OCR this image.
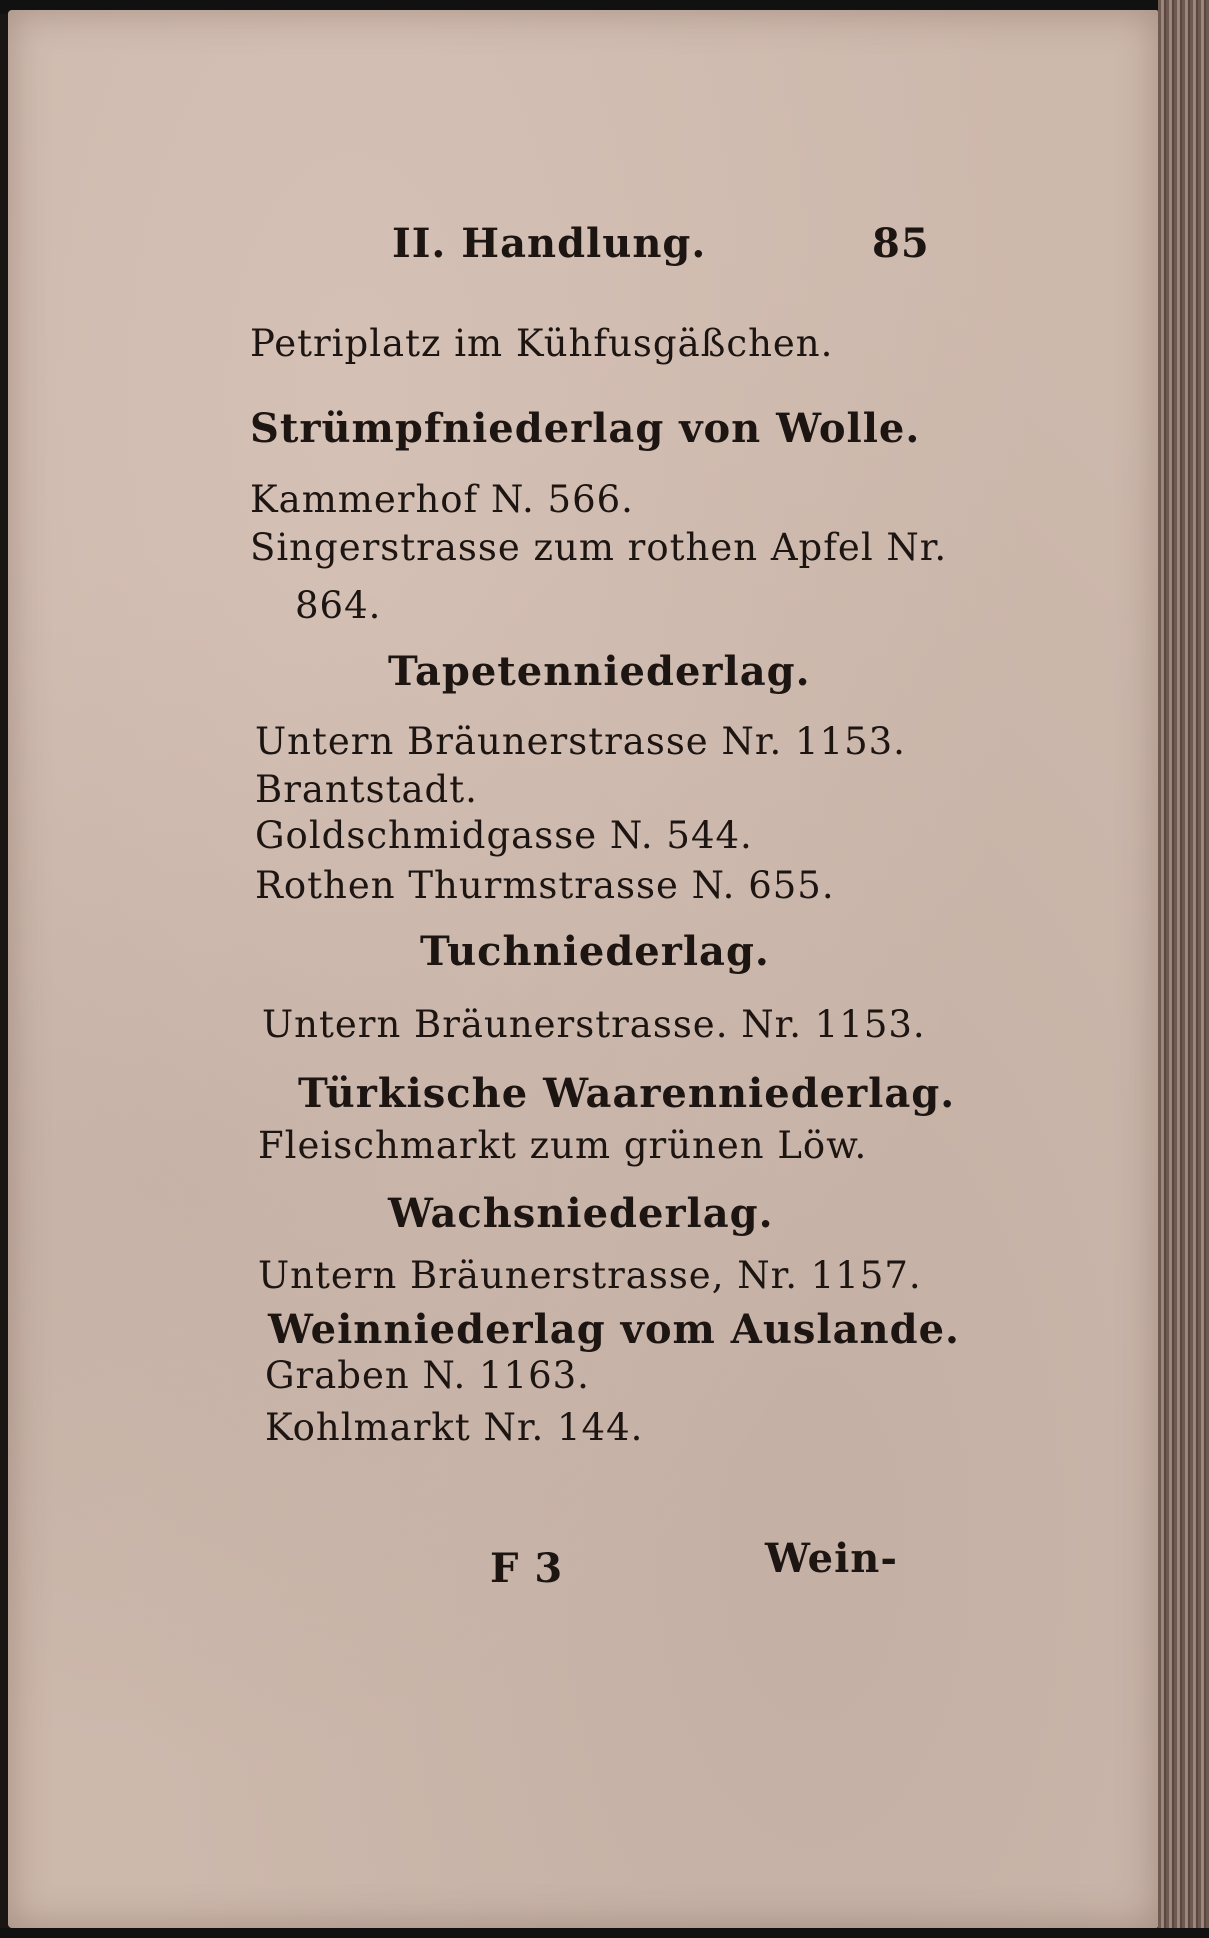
II. Handlung.	85
Petriplatz im Kühfusgäßchen.
Strümpfniederlag von Wolle.
Kammerhof N. 566.
Singerstrasse zum rothen Apfel Nr.
864.
Tapetenniederlag.
Untern Bräunerstrasse Nr. 1153.
Brantstadt.
Goldschmidgasse N. 544.
Rothen Thurmstrasse N. 655.
Tuchniederlag.
Untern Bräunerstrasse. Nr. 1153.
Türkische Waarenniederlag.
Fleischmarkt zum grünen Löw.
Wachsniederlag.
Untern Bräunerstrasse, Nr. 1157.
Weinniederlag vom Auslande.
Graben N. 1163.
Kohlmarkt Nr. 144.
F 3	Wein-
